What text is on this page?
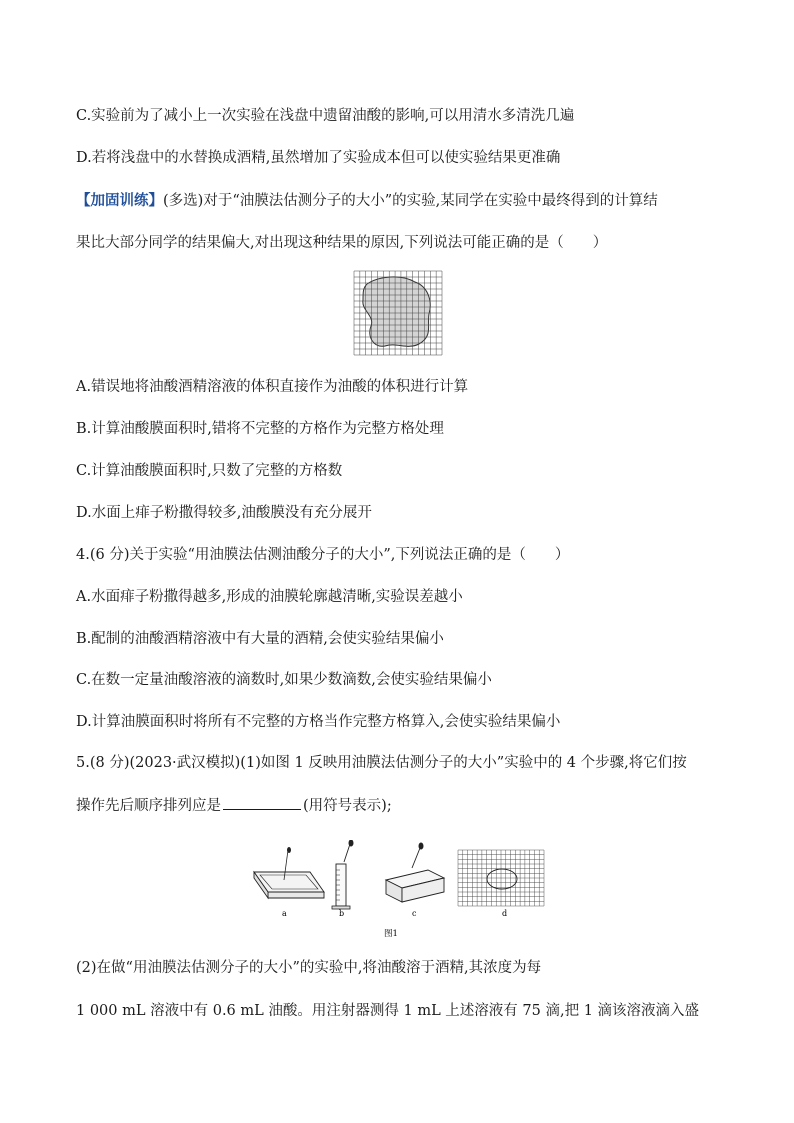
C.实验前为了减小上一次实验在浅盘中遗留油酸的影响,可以用清水多清洗几遍
D.若将浅盘中的水替换成酒精,虽然增加了实验成本但可以使实验结果更准确
【加固训练】(多选)对于“油膜法估测分子的大小”的实验,某同学在实验中最终得到的计算结
果比大部分同学的结果偏大,对出现这种结果的原因,下列说法可能正确的是（　　）
A.错误地将油酸酒精溶液的体积直接作为油酸的体积进行计算
B.计算油酸膜面积时,错将不完整的方格作为完整方格处理
C.计算油酸膜面积时,只数了完整的方格数
D.水面上痱子粉撒得较多,油酸膜没有充分展开
4.(6 分)关于实验“用油膜法估测油酸分子的大小”,下列说法正确的是（　　）
A.水面痱子粉撒得越多,形成的油膜轮廓越清晰,实验误差越小
B.配制的油酸酒精溶液中有大量的酒精,会使实验结果偏小
C.在数一定量油酸溶液的滴数时,如果少数滴数,会使实验结果偏小
D.计算油膜面积时将所有不完整的方格当作完整方格算入,会使实验结果偏小
5.(8 分)(2023·武汉模拟)(1)如图 1 反映用油膜法估测分子的大小”实验中的 4 个步骤,将它们按
操作先后顺序排列应是	(用符号表示);
a	b	c	d
图1
(2)在做“用油膜法估测分子的大小”的实验中,将油酸溶于酒精,其浓度为每
1 000 mL 溶液中有 0.6 mL 油酸。用注射器测得 1 mL 上述溶液有 75 滴,把 1 滴该溶液滴入盛
